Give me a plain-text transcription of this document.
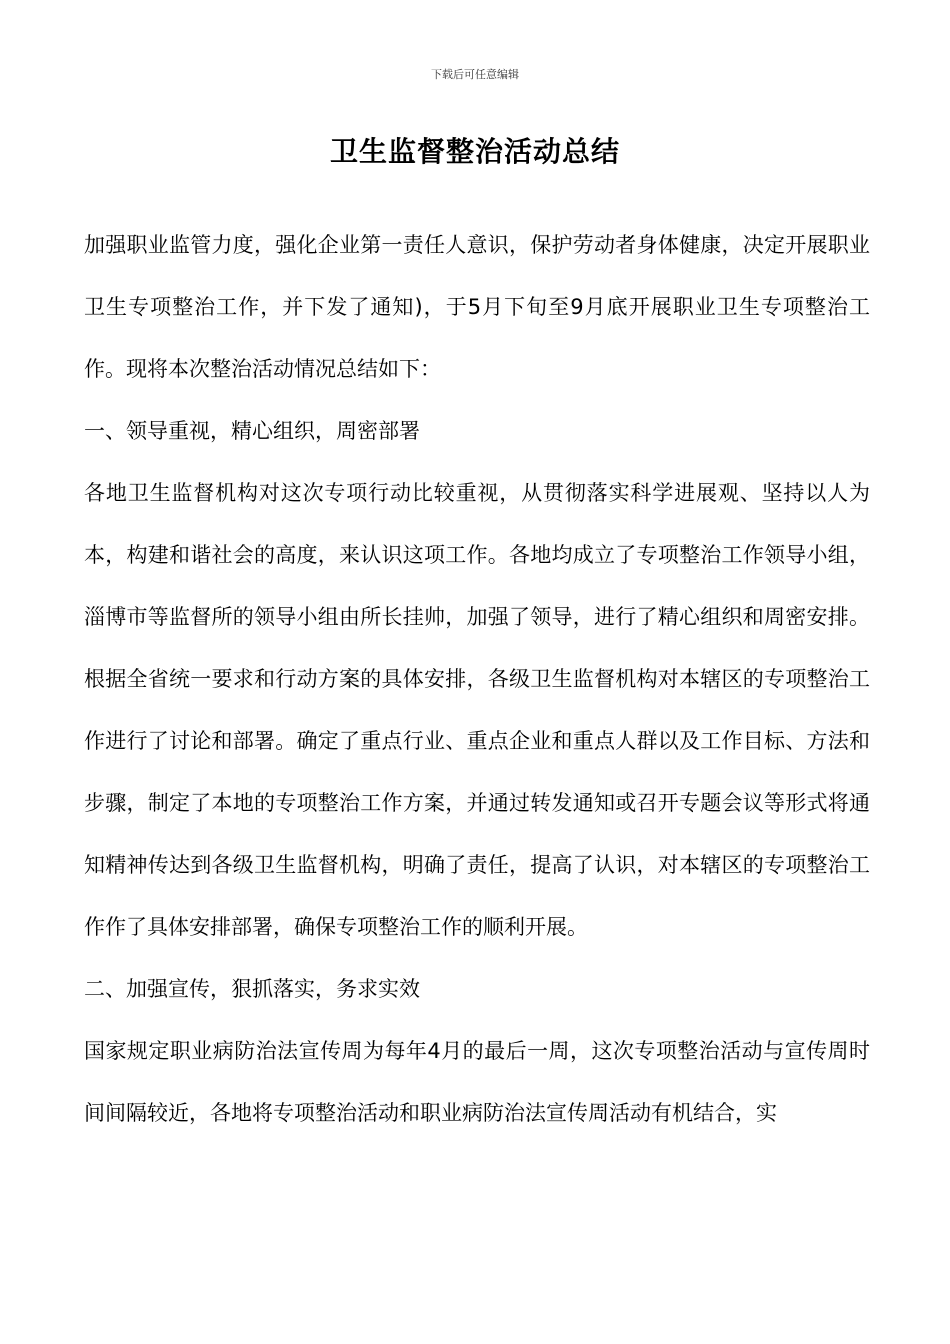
下载后可任意编辑
卫生监督整治活动总结

加强职业监管力度，强化企业第一责任人意识，保护劳动者身体健康，决定开展职业卫生专项整治工作，并下发了通知)，于5月下旬至9月底开展职业卫生专项整治工作。现将本次整治活动情况总结如下：

一、领导重视，精心组织，周密部署

各地卫生监督机构对这次专项行动比较重视，从贯彻落实科学进展观、坚持以人为本，构建和谐社会的高度，来认识这项工作。各地均成立了专项整治工作领导小组，淄博市等监督所的领导小组由所长挂帅，加强了领导，进行了精心组织和周密安排。根据全省统一要求和行动方案的具体安排，各级卫生监督机构对本辖区的专项整治工作进行了讨论和部署。确定了重点行业、重点企业和重点人群以及工作目标、方法和步骤，制定了本地的专项整治工作方案，并通过转发通知或召开专题会议等形式将通知精神传达到各级卫生监督机构，明确了责任，提高了认识，对本辖区的专项整治工作作了具体安排部署，确保专项整治工作的顺利开展。

二、加强宣传，狠抓落实，务求实效

国家规定职业病防治法宣传周为每年4月的最后一周，这次专项整治活动与宣传周时间间隔较近，各地将专项整治活动和职业病防治法宣传周活动有机结合，实
